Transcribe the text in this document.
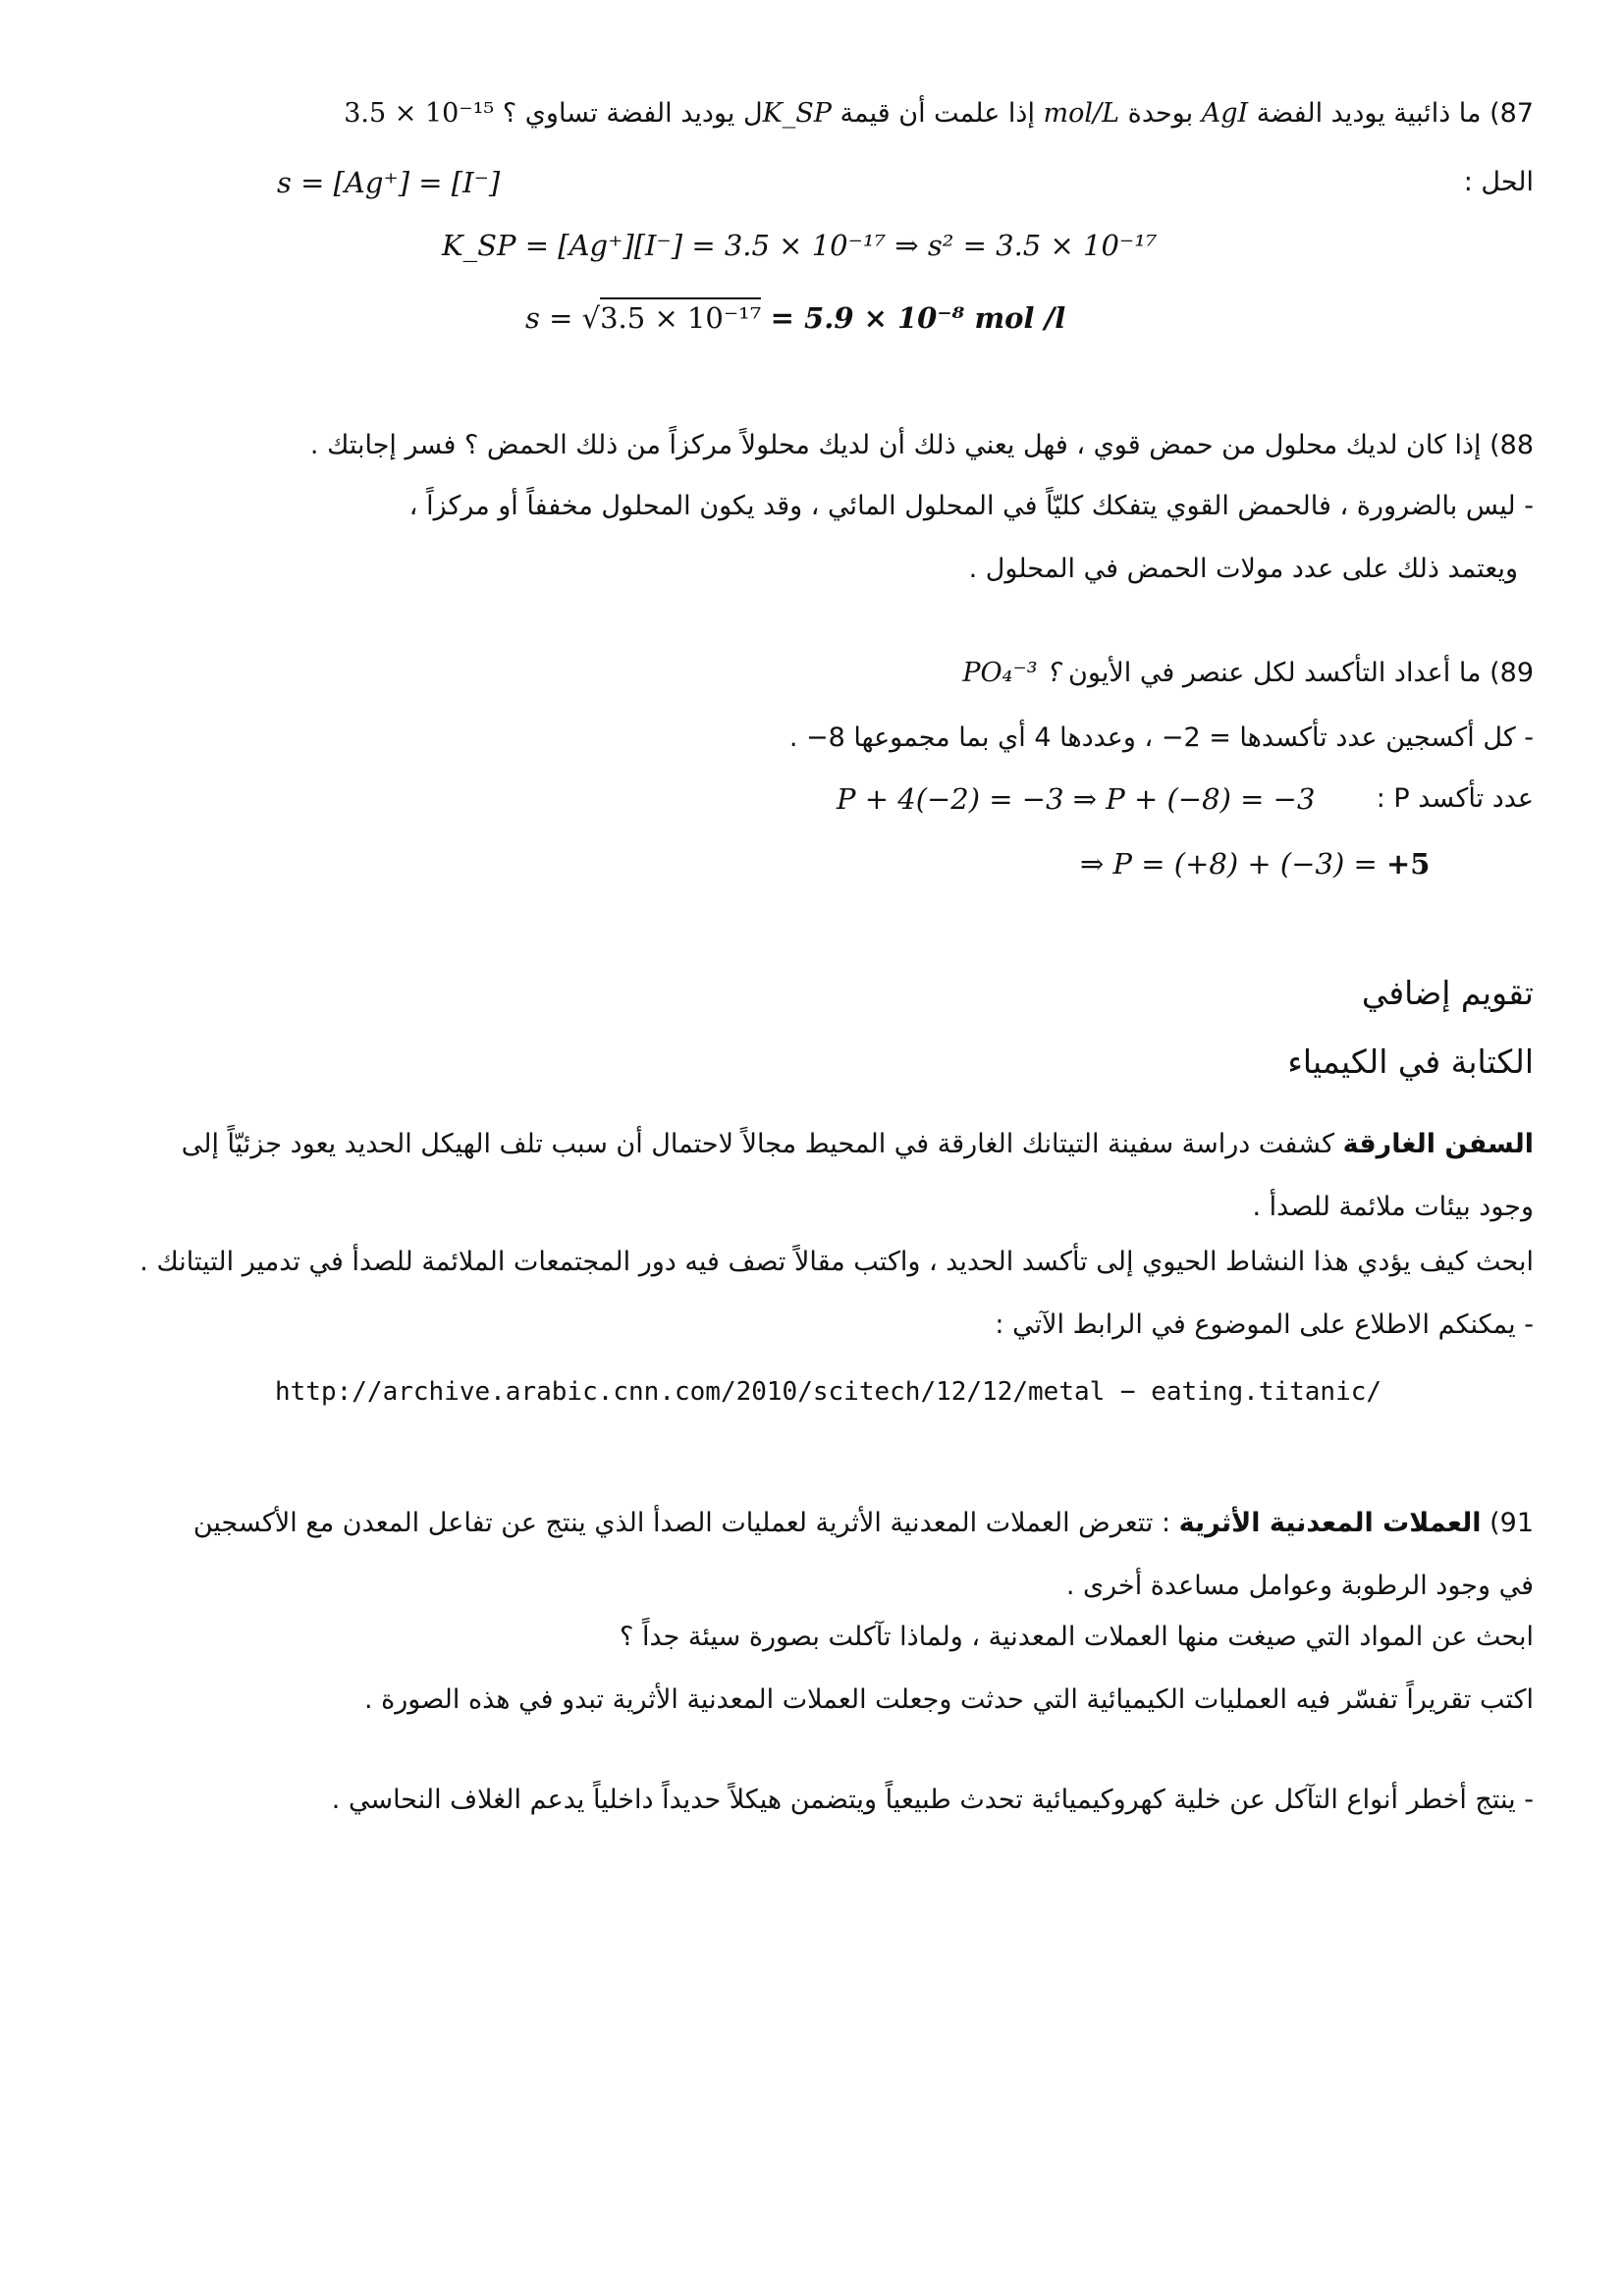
87) ما ذائبية يوديد الفضة AgI بوحدة mol/L إذا علمت أن قيمة K_SPل يوديد الفضة تساوي 3.5 × 10⁻¹⁵ ؟
الحل :
s = [Ag⁺] = [I⁻]
K_SP = [Ag⁺][I⁻] = 3.5 × 10⁻¹⁷ ⇒ s² = 3.5 × 10⁻¹⁷
s = √3.5 × 10⁻¹⁷ = 5.9 × 10⁻⁸ mol /l
88) إذا كان لديك محلول من حمض قوي ، فهل يعني ذلك أن لديك محلولاً مركزاً من ذلك الحمض ؟ فسر إجابتك .
- ليس بالضرورة ، فالحمض القوي يتفكك كليّاً في المحلول المائي ، وقد يكون المحلول مخففاً أو مركزاً ،
ويعتمد ذلك على عدد مولات الحمض في المحلول .
89) ما أعداد التأكسد لكل عنصر في الأيون PO₄⁻³ ؟
- كل أكسجين عدد تأكسدها = 2− ، وعددها 4 أي بما مجموعها 8− .
عدد تأكسد P :
P + 4(−2) = −3 ⇒ P + (−8) = −3
⇒ P = (+8) + (−3) = +5
تقويم إضافي
الكتابة في الكيمياء
السفن الغارقة كشفت دراسة سفينة التيتانك الغارقة في المحيط مجالاً لاحتمال أن سبب تلف الهيكل الحديد يعود جزئيّاً إلى وجود بيئات ملائمة للصدأ .
ابحث كيف يؤدي هذا النشاط الحيوي إلى تأكسد الحديد ، واكتب مقالاً تصف فيه دور المجتمعات الملائمة للصدأ في تدمير التيتانك .
- يمكنكم الاطلاع على الموضوع في الرابط الآتي :
http://archive.arabic.cnn.com/2010/scitech/12/12/metal − eating.titanic/
91) العملات المعدنية الأثرية : تتعرض العملات المعدنية الأثرية لعمليات الصدأ الذي ينتج عن تفاعل المعدن مع الأكسجين في وجود الرطوبة وعوامل مساعدة أخرى .
ابحث عن المواد التي صيغت منها العملات المعدنية ، ولماذا تآكلت بصورة سيئة جداً ؟
اكتب تقريراً تفسّر فيه العمليات الكيميائية التي حدثت وجعلت العملات المعدنية الأثرية تبدو في هذه الصورة .
- ينتج أخطر أنواع التآكل عن خلية كهروكيميائية تحدث طبيعياً ويتضمن هيكلاً حديداً داخلياً يدعم الغلاف النحاسي .
